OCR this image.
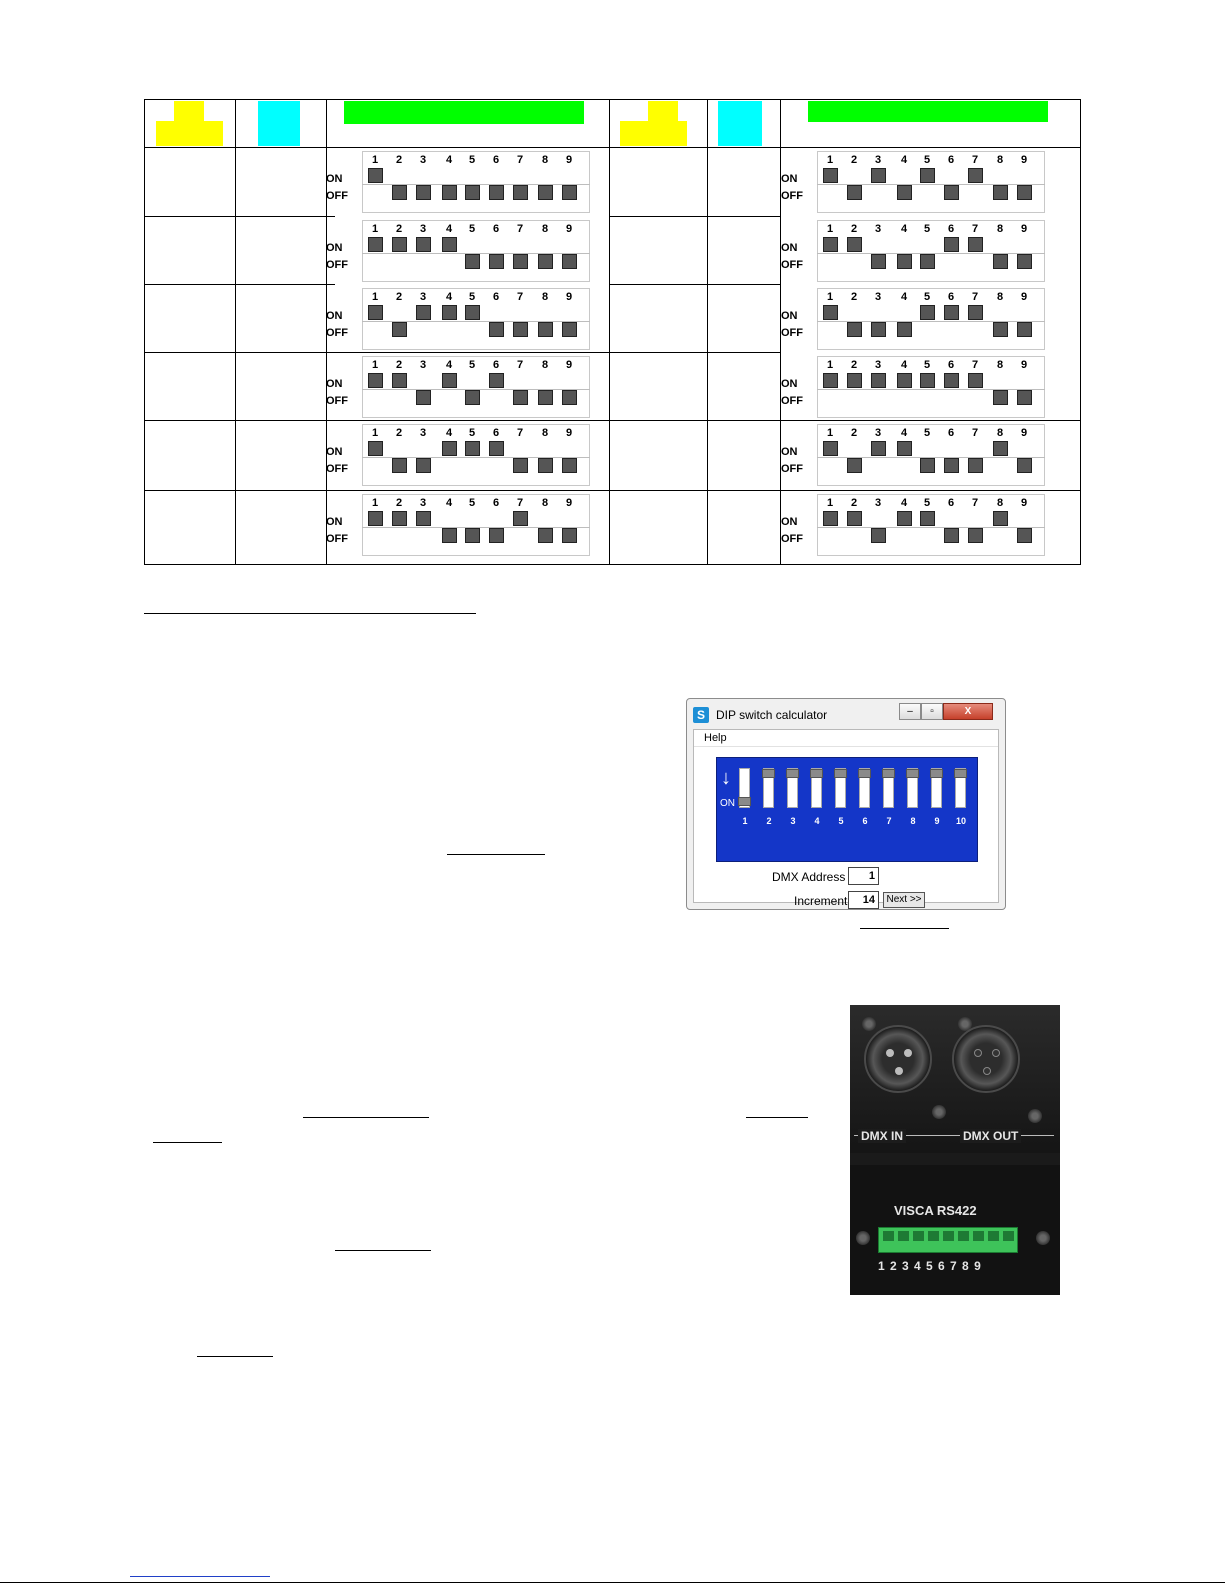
ON
OFF
1	2	3	4	5	6	7	8	9
ON
OFF
1	2	3	4	5	6	7	8	9
ON
OFF
1	2	3	4	5	6	7	8	9
ON
OFF
1	2	3	4	5	6	7	8	9
ON
OFF
1	2	3	4	5	6	7	8	9
ON
OFF
1	2	3	4	5	6	7	8	9
ON
OFF
1	2	3	4	5	6	7	8	9
ON
OFF
1	2	3	4	5	6	7	8	9
ON
OFF
1	2	3	4	5	6	7	8	9
ON
OFF
1	2	3	4	5	6	7	8	9
ON
OFF
1	2	3	4	5	6	7	8	9
ON
OFF
1	2	3	4	5	6	7	8	9
S DIP switch calculator	‒	▫	X
Help
↓
ON
1	2	3	4	5	6	7	8	9	10
DMX Address	1
Increment	14	Next >>
DMX IN	DMX OUT
VISCA RS422
1 2 3 4 5 6 7 8 9
